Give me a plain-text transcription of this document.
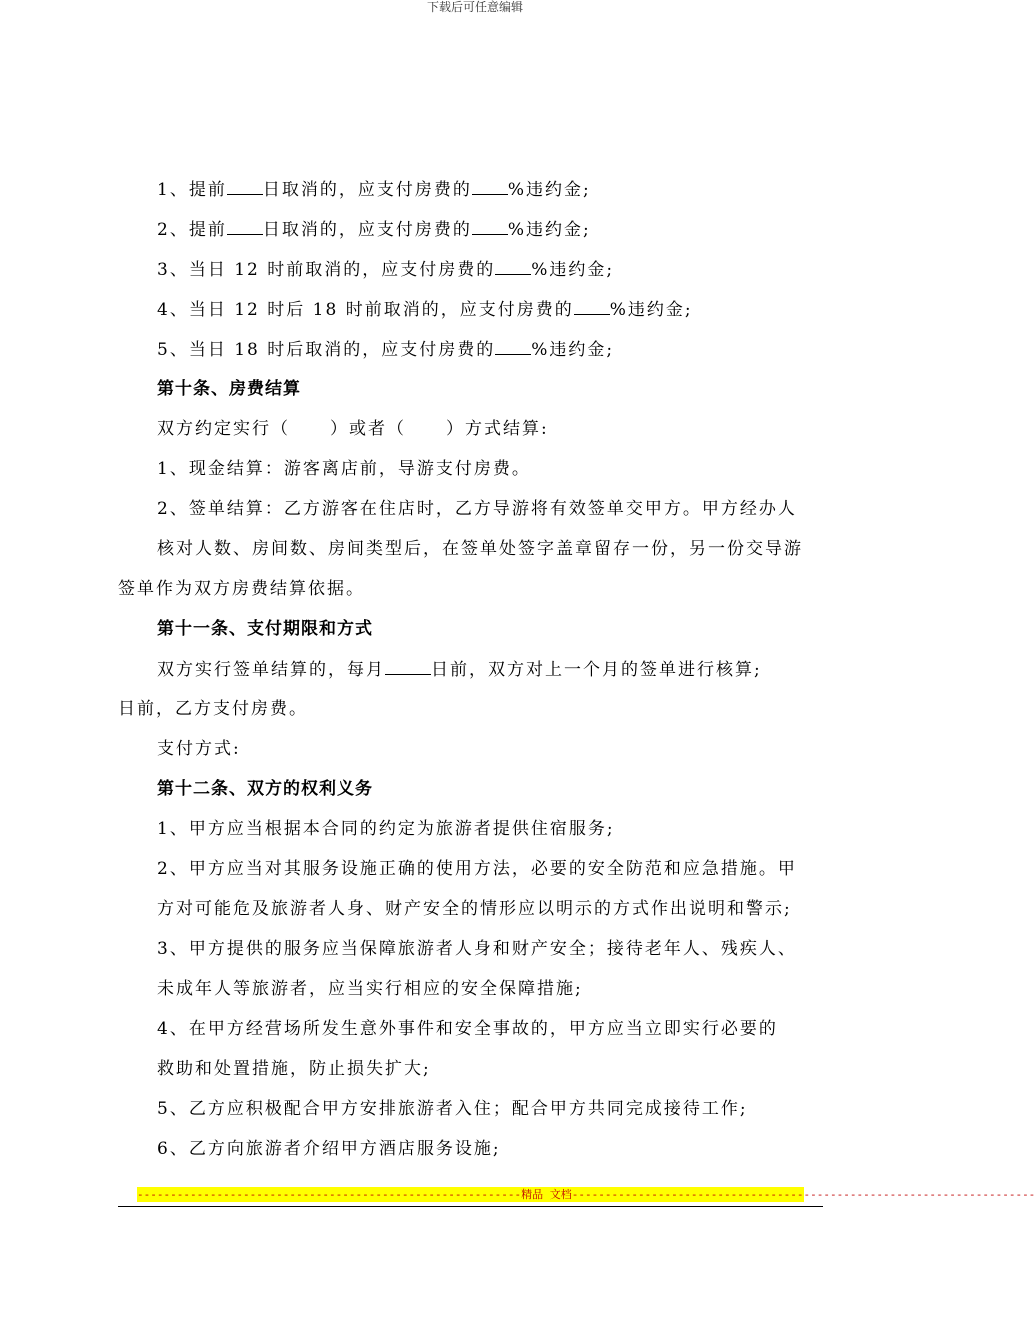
下载后可任意编辑
1、提前 日取消的，应支付房费的 %违约金;
2、提前 日取消的，应支付房费的 %违约金;
3、当日 12 时前取消的，应支付房费的 %违约金;
4、当日 12 时后 18 时前取消的，应支付房费的 %违约金;
5、当日 18 时后取消的，应支付房费的 %违约金;
第十条、房费结算
双方约定实行（ ）或者（ ）方式结算:
1、现金结算：游客离店前，导游支付房费。
2、签单结算：乙方游客在住店时，乙方导游将有效签单交甲方。甲方经办人
核对人数、房间数、房间类型后，在签单处签字盖章留存一份，另一份交导游
签单作为双方房费结算依据。
第十一条、支付期限和方式
双方实行签单结算的，每月	日前，双方对上一个月的签单进行核算;
日前，乙方支付房费。
支付方式:
第十二条、双方的权利义务
1、甲方应当根据本合同的约定为旅游者提供住宿服务;
2、甲方应当对其服务设施正确的使用方法，必要的安全防范和应急措施。甲
方对可能危及旅游者人身、财产安全的情形应以明示的方式作出说明和警示;
3、甲方提供的服务应当保障旅游者人身和财产安全；接待老年人、残疾人、
未成年人等旅游者，应当实行相应的安全保障措施;
4、在甲方经营场所发生意外事件和安全事故的，甲方应当立即实行必要的
救助和处置措施，防止损失扩大;
5、乙方应积极配合甲方安排旅游者入住；配合甲方共同完成接待工作;
6、乙方向旅游者介绍甲方酒店服务设施;
----------------------------------------------------------精品 文档----------------------------------------------------------------------
